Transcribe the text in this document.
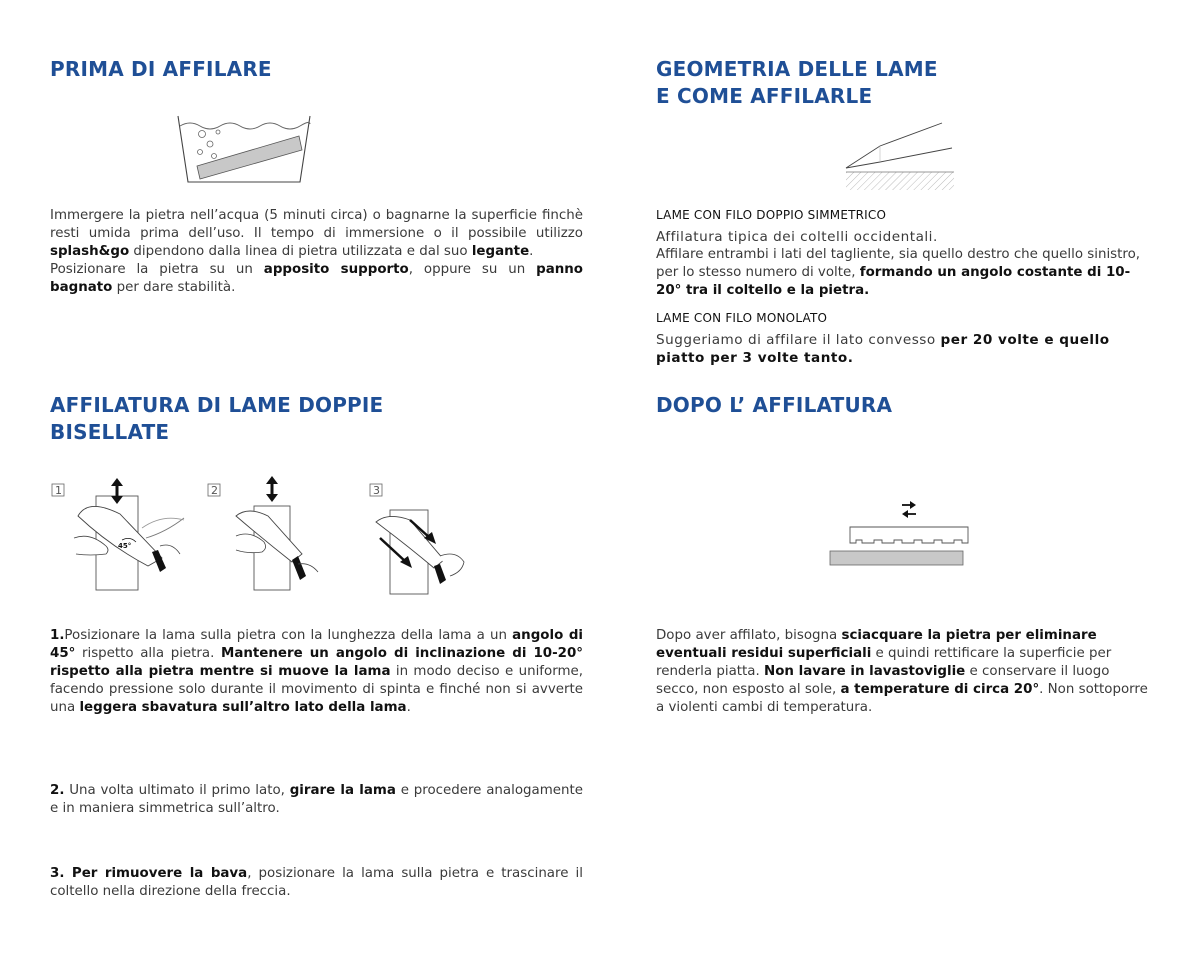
PRIMA DI AFFILARE

Immergere la pietra nell’acqua (5 minuti circa) o bagnarne la superficie finchè resti umida prima dell’uso. Il tempo di immersione o il possibile utilizzo splash&go dipendono dalla linea di pietra utilizzata e dal suo legante.
Posizionare la pietra su un apposito supporto, oppure su un panno bagnato per dare stabilità.

GEOMETRIA DELLE LAME
E COME AFFILARLE
LAME CON FILO DOPPIO SIMMETRICO

Affilatura tipica dei coltelli occidentali.

Affilare entrambi i lati del tagliente, sia quello destro che quello sinistro, per lo stesso numero di volte, formando un angolo costante di 10-20° tra il coltello e la pietra.

LAME CON FILO MONOLATO

Suggeriamo di affilare il lato convesso per 20 volte e quello piatto per 3 volte tanto.

AFFILATURA DI LAME DOPPIE
BISELLATE
1
45°
2	3

1.Posizionare la lama sulla pietra con la lunghezza della lama a un angolo di 45° rispetto alla pietra. Mantenere un angolo di inclinazione di 10-20° rispetto alla pietra mentre si muove la lama in modo deciso e uniforme, facendo pressione solo durante il movimento di spinta e finché non si avverte una leggera sbavatura sull’altro lato della lama.

2. Una volta ultimato il primo lato, girare la lama e procedere analogamente e in maniera simmetrica sull’altro.

3. Per rimuovere la bava, posizionare la lama sulla pietra e trascinare il coltello nella direzione della freccia.

DOPO L’ AFFILATURA

Dopo aver affilato, bisogna sciacquare la pietra per eliminare eventuali residui superficiali e quindi rettificare la superficie per renderla piatta. Non lavare in lavastoviglie e conservare il luogo secco, non esposto al sole, a temperature di circa 20°. Non sottoporre a violenti cambi di temperatura.
